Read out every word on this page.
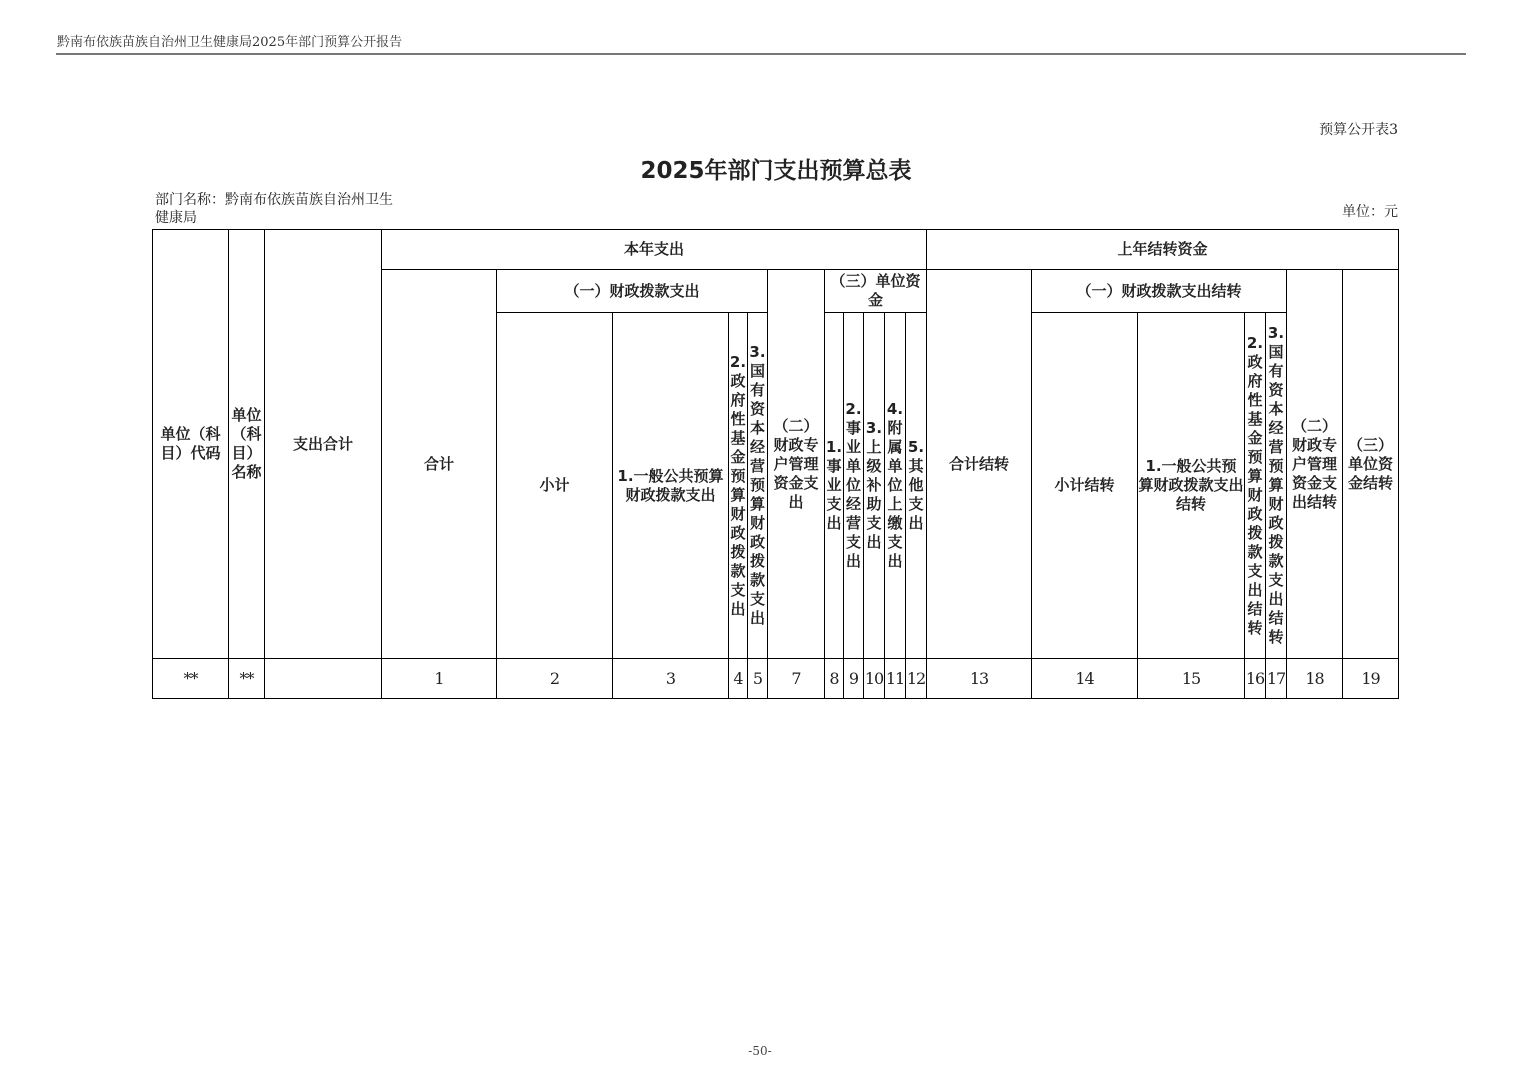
黔南布依族苗族自治州卫生健康局2025年部门预算公开报告
预算公开表3
2025年部门支出预算总表
部门名称：黔南布依族苗族自治州卫生健康局	单位：元
单位（科目）代码	单位（科目）名称	支出合计	本年支出											上年结转资金						
			合计	（一）财政拨款支出				（二）财政专户管理资金支出	（三）单位资金					合计结转	（一）财政拨款支出结转				（二）财政专户管理资金支出结转	（三）单位资金结转
				小计	1.一般公共预算财政拨款支出	2.政府性基金预算财政拨款支出	3.国有资本经营预算财政拨款支出		1.事业支出	2.事业单位经营支出	3.上级补助支出	4.附属单位上缴支出	5.其他支出		小计结转	1.一般公共预算财政拨款支出结转	2.政府性基金预算财政拨款支出结转	3.国有资本经营预算财政拨款支出结转		
**	**		1	2	3	4	5	7	8	9	10	11	12	13	14	15	16	17	18	19
-50-
